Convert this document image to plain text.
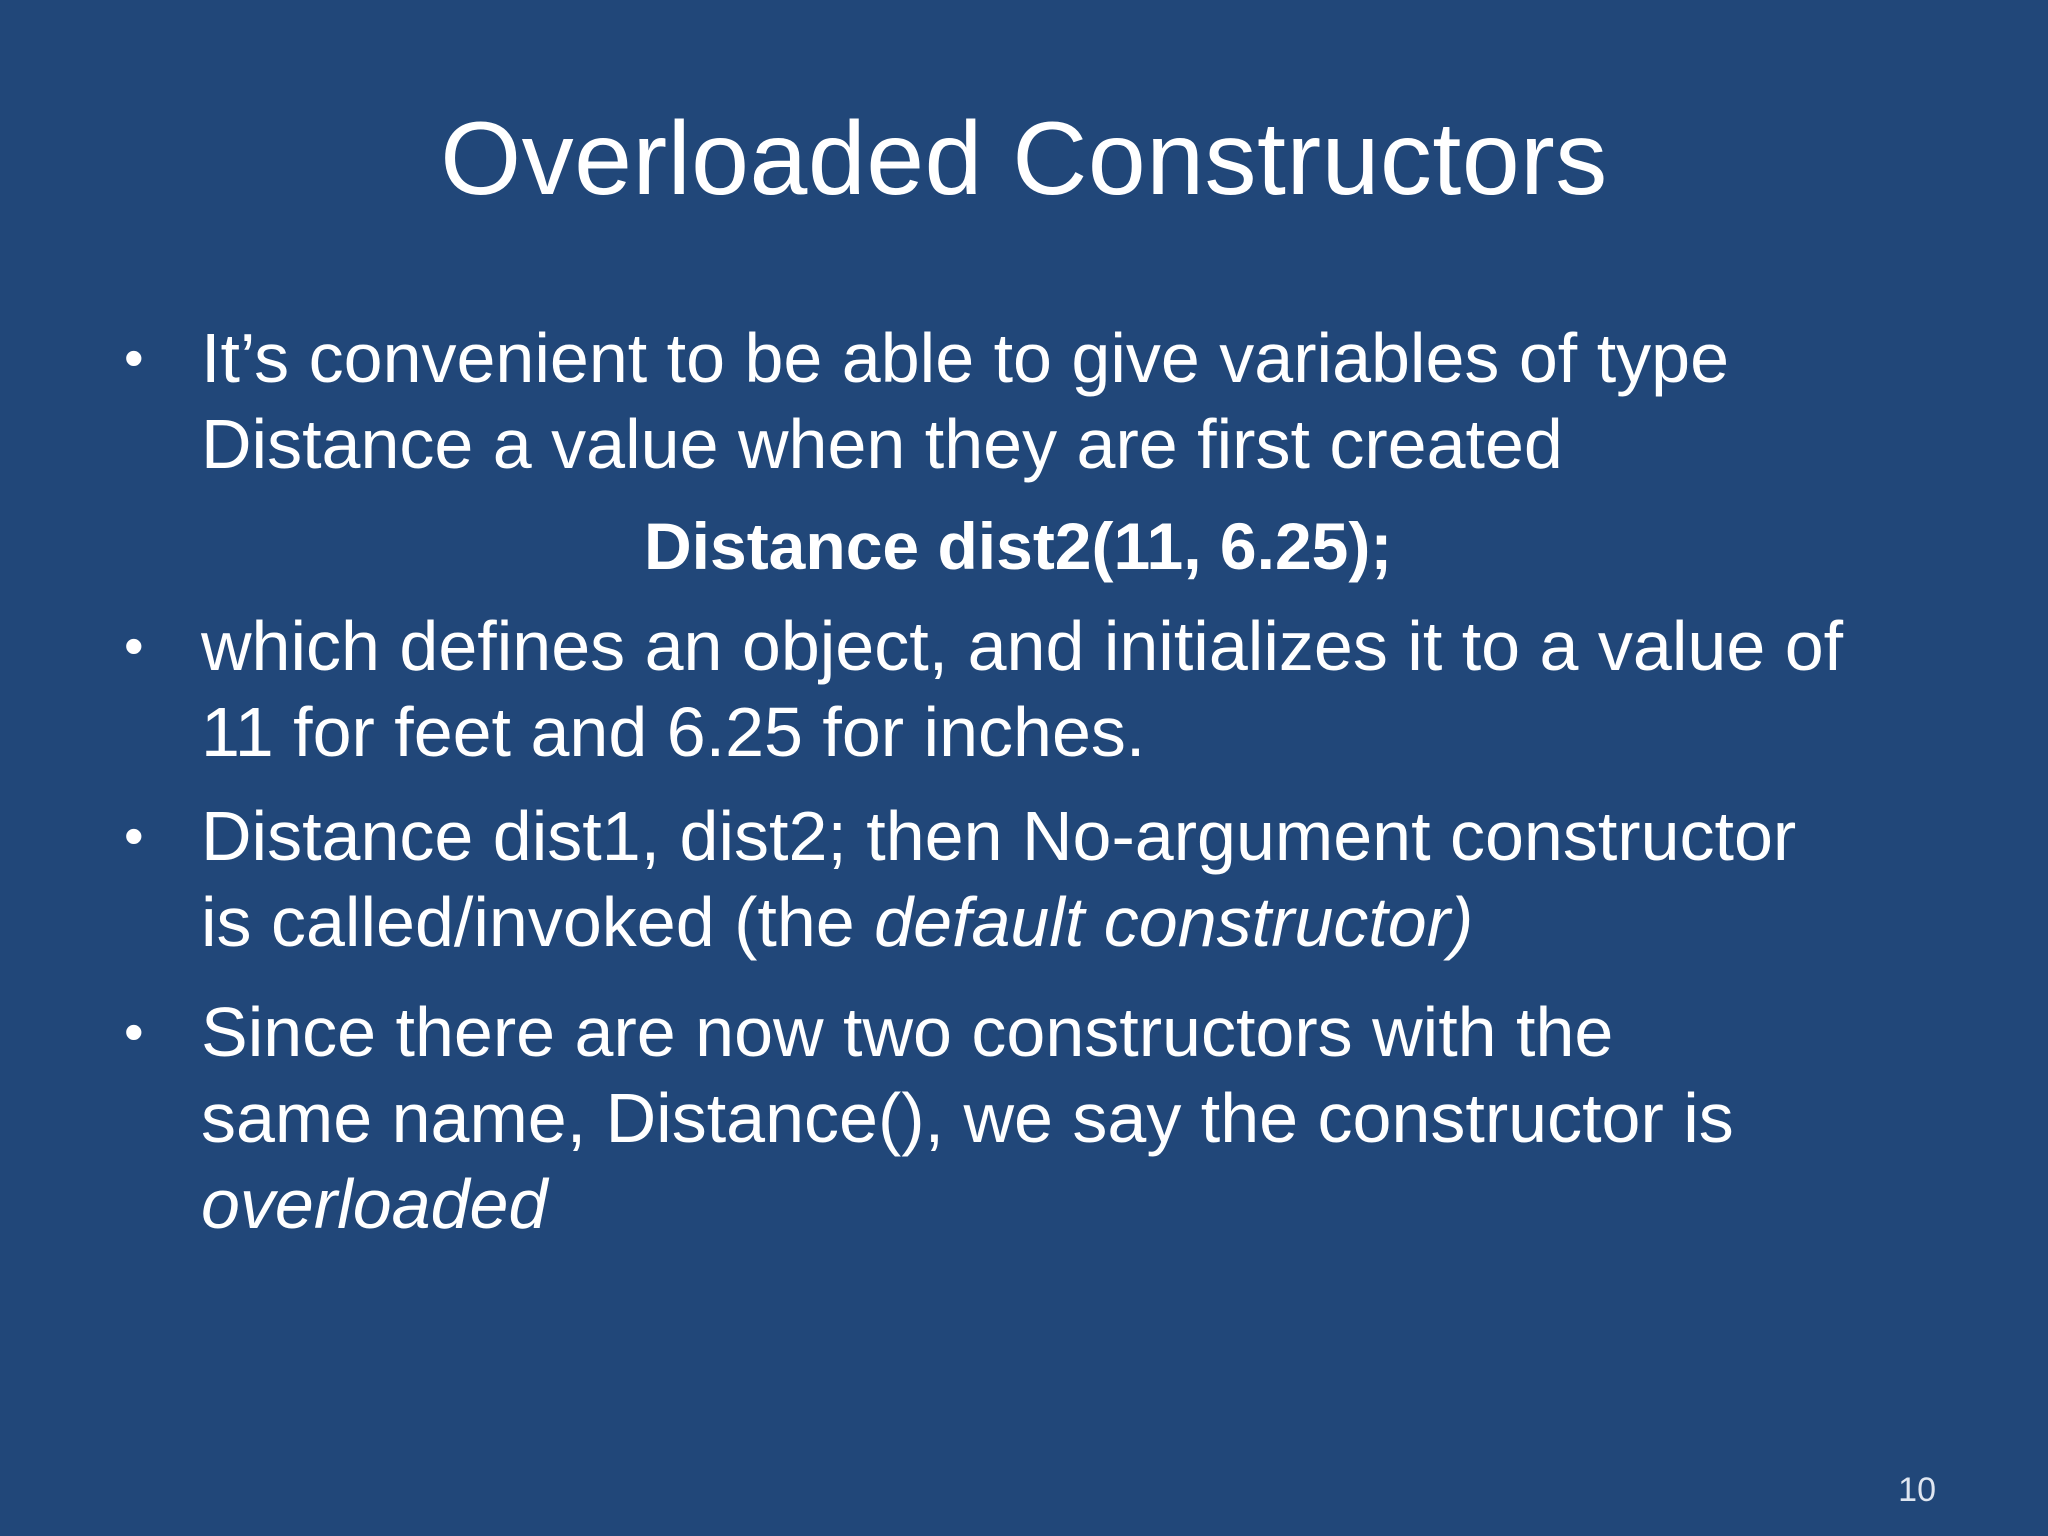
Overloaded Constructors
• It’s convenient to be able to give variables of type
Distance a value when they are first created
Distance dist2(11, 6.25);
• which defines an object, and initializes it to a value of
11 for feet and 6.25 for inches.
• Distance dist1, dist2; then No-argument constructor
is called/invoked (the default constructor)
• Since there are now two constructors with the
same name, Distance(), we say the constructor is
overloaded
10
